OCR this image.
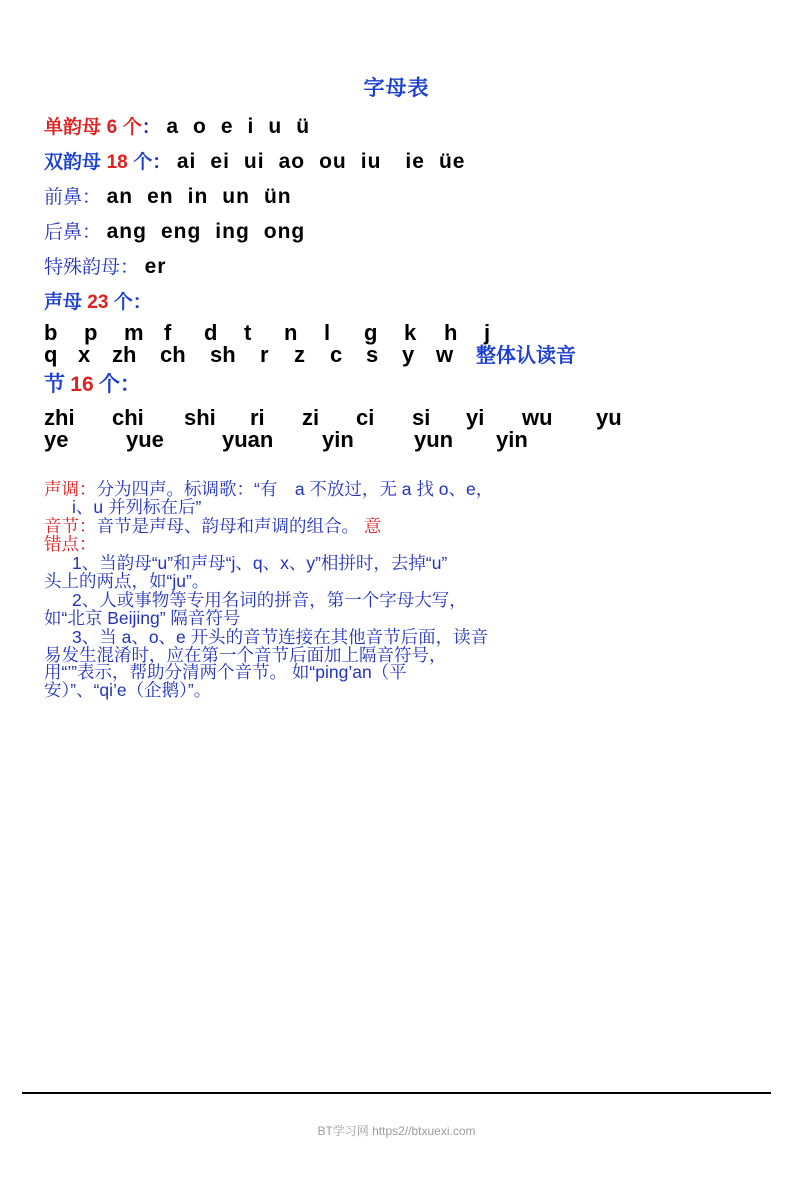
字母表
单韵母 6 个： a o e i u ü
双韵母 18 个： ai ei ui ao ou iu ie üe
前鼻： an en in un ün
后鼻： ang eng ing ong
特殊韵母： er
声母 23 个：
b p m f d t n l g k h j
q x zh ch sh r z c s y w 整体认读音
节 16 个：
zhi chi shi ri zi ci si yi wu yu
ye	yue	yuan yin	yun yin
声调：分为四声。标调歌：“有　a 不放过，无 a 找 o、e，
i、u 并列标在后”
音节：音节是声母、韵母和声调的组合。 意
错点：
1、当韵母“u”和声母“j、q、x、y”相拼时，去掉“u”
头上的两点，如“ju”。
2、人或事物等专用名词的拼音，第一个字母大写，
如“北京 Beijing” 隔音符号
3、当 a、o、e 开头的音节连接在其他音节后面，读音
易发生混淆时，应在第一个音节后面加上隔音符号，
用“’”表示，帮助分清两个音节。 如“ping’an（平
安）”、“qi’e（企鹅）”。
BT学习网 https2//btxuexi.com
